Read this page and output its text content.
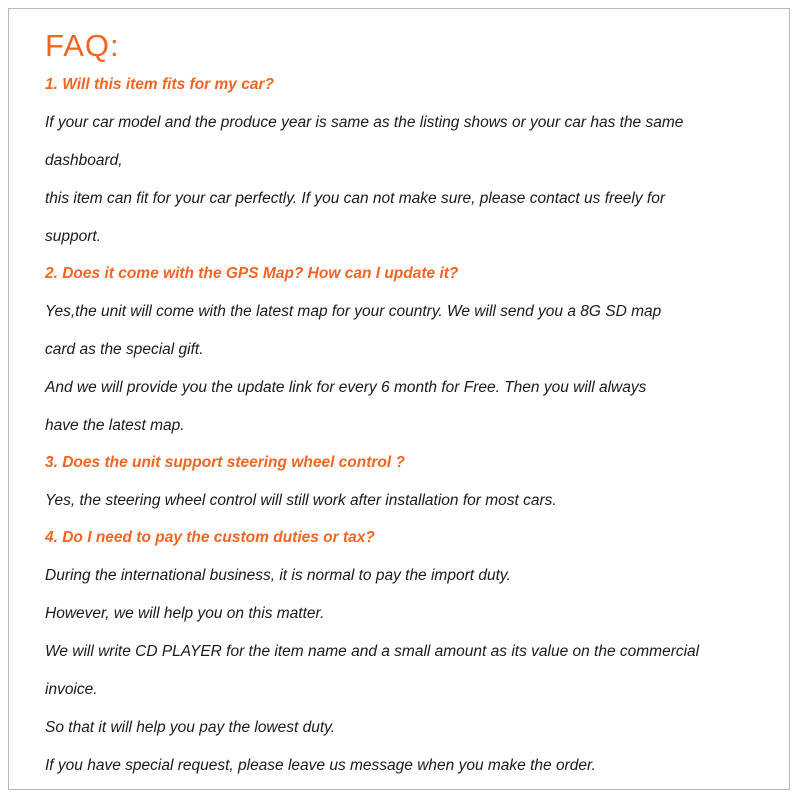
FAQ:

1. Will this item fits for my car?

If your car model and the produce year is same as the listing shows or your car has the same

dashboard,

this item can fit for your car perfectly. If you can not make sure, please contact us freely for

support.

2. Does it come with the GPS Map? How can I update it?

Yes,the unit will come with the latest map for your country. We will send you a 8G SD map

card as the special gift.

And we will provide you the update link for every 6 month for Free. Then you will always

have the latest map.

3. Does the unit support steering wheel control ?

Yes, the steering wheel control will still work after installation for most cars.

4. Do I need to pay the custom duties or tax?

During the international business, it is normal to pay the import duty.

However, we will help you on this matter.

We will write CD PLAYER for the item name and a small amount as its value on the commercial

invoice.

So that it will help you pay the lowest duty.

If you have special request, please leave us message when you make the order.
